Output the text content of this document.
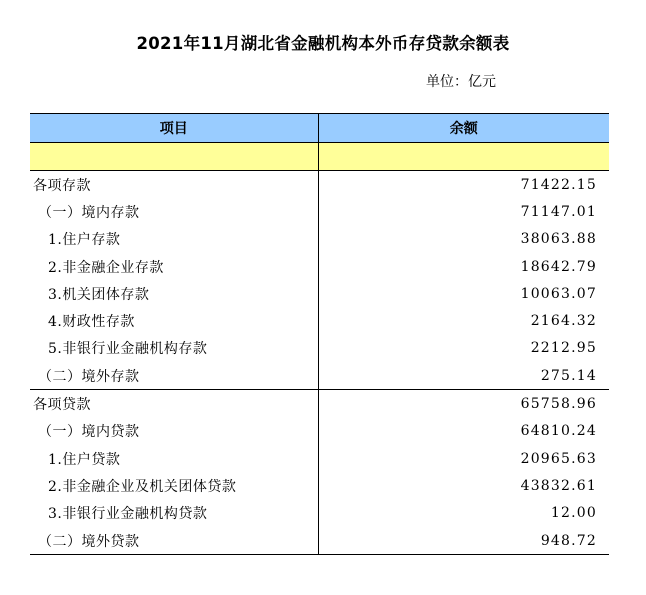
2021年11月湖北省金融机构本外币存贷款余额表
单位：亿元
项目	余额

各项存款	71422.15
（一）境内存款	71147.01
1.住户存款	38063.88
2.非金融企业存款	18642.79
3.机关团体存款	10063.07
4.财政性存款	2164.32
5.非银行业金融机构存款	2212.95
（二）境外存款	275.14
各项贷款	65758.96
（一）境内贷款	64810.24
1.住户贷款	20965.63
2.非金融企业及机关团体贷款	43832.61
3.非银行业金融机构贷款	12.00
（二）境外贷款	948.72
